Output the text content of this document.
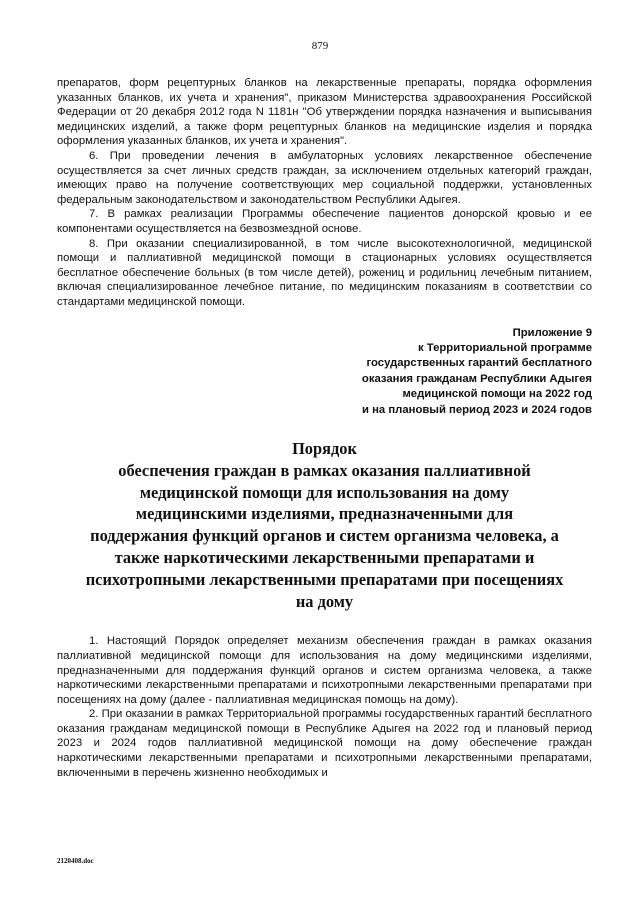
879

препаратов, форм рецептурных бланков на лекарственные препараты, порядка оформления указанных бланков, их учета и хранения", приказом Министерства здравоохранения Российской Федерации от 20 декабря 2012 года N 1181н "Об утверждении порядка назначения и выписывания медицинских изделий, а также форм рецептурных бланков на медицинские изделия и порядка оформления указанных бланков, их учета и хранения".

6. При проведении лечения в амбулаторных условиях лекарственное обеспечение осуществляется за счет личных средств граждан, за исключением отдельных категорий граждан, имеющих право на получение соответствующих мер социальной поддержки, установленных федеральным законодательством и законодательством Республики Адыгея.

7. В рамках реализации Программы обеспечение пациентов донорской кровью и ее компонентами осуществляется на безвозмездной основе.

8. При оказании специализированной, в том числе высокотехнологичной, медицинской помощи и паллиативной медицинской помощи в стационарных условиях осуществляется бесплатное обеспечение больных (в том числе детей), рожениц и родильниц лечебным питанием, включая специализированное лечебное питание, по медицинским показаниям в соответствии со стандартами медицинской помощи.

Приложение 9
к Территориальной программе
государственных гарантий бесплатного
оказания гражданам Республики Адыгея
медицинской помощи на 2022 год
и на плановый период 2023 и 2024 годов
Порядок
обеспечения граждан в рамках оказания паллиативной
медицинской помощи для использования на дому
медицинскими изделиями, предназначенными для
поддержания функций органов и систем организма человека, а
также наркотическими лекарственными препаратами и
психотропными лекарственными препаратами при посещениях
на дому

1. Настоящий Порядок определяет механизм обеспечения граждан в рамках оказания паллиативной медицинской помощи для использования на дому медицинскими изделиями, предназначенными для поддержания функций органов и систем организма человека, а также наркотическими лекарственными препаратами и психотропными лекарственными препаратами при посещениях на дому (далее - паллиативная медицинская помощь на дому).

2. При оказании в рамках Территориальной программы государственных гарантий бесплатного оказания гражданам медицинской помощи в Республике Адыгея на 2022 год и плановый период 2023 и 2024 годов паллиативной медицинской помощи на дому обеспечение граждан наркотическими лекарственными препаратами и психотропными лекарственными препаратами, включенными в перечень жизненно необходимых и

2120408.doc
